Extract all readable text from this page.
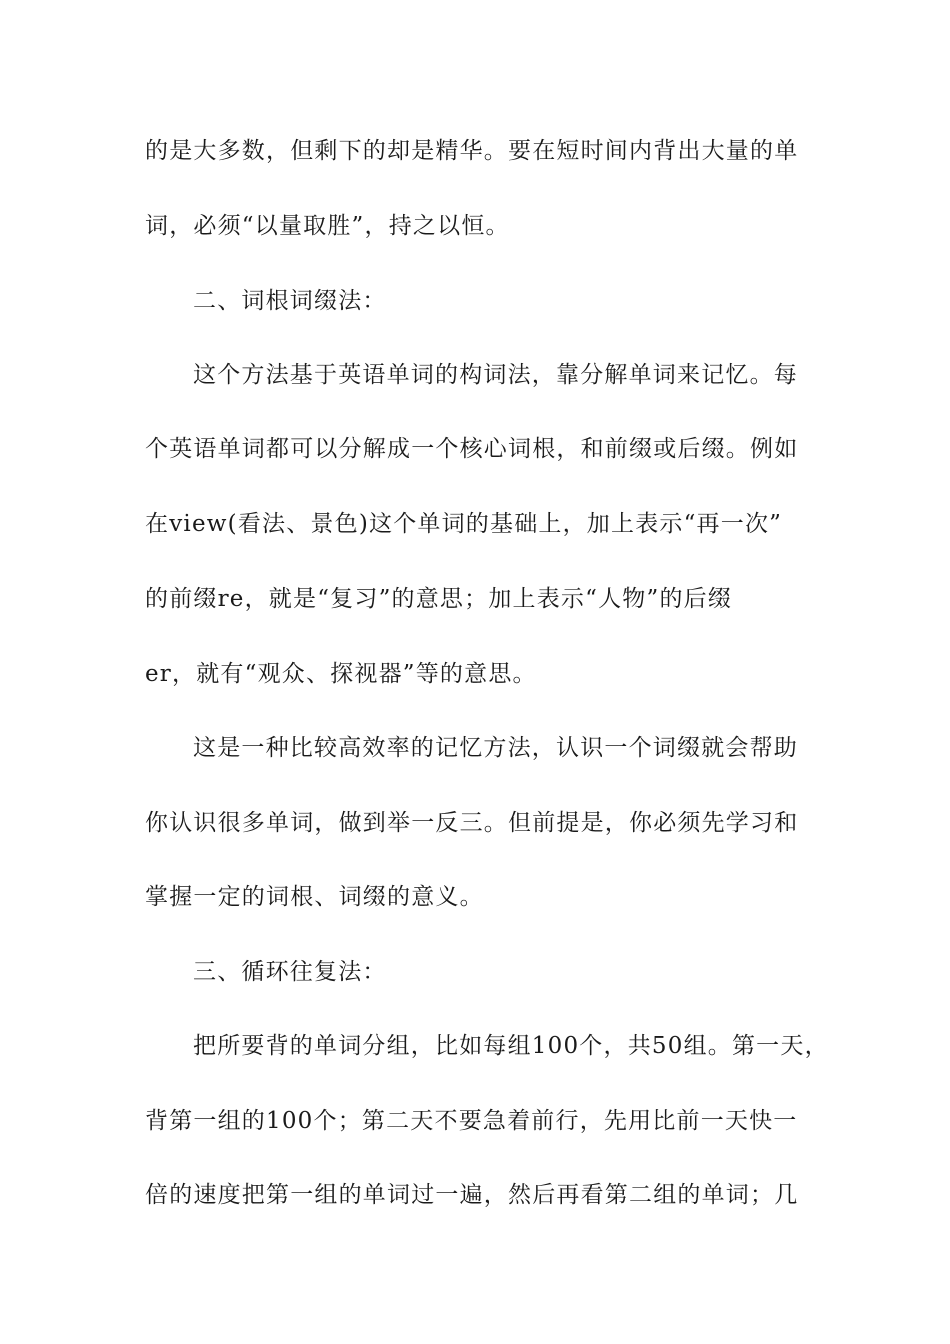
的是大多数，但剩下的却是精华。要在短时间内背出大量的单
词，必须“以量取胜”，持之以恒。
二、词根词缀法：
这个方法基于英语单词的构词法，靠分解单词来记忆。每
个英语单词都可以分解成一个核心词根，和前缀或后缀。例如
在view(看法、景色)这个单词的基础上，加上表示“再一次”
的前缀re，就是“复习”的意思；加上表示“人物”的后缀
er，就有“观众、探视器”等的意思。
这是一种比较高效率的记忆方法，认识一个词缀就会帮助
你认识很多单词，做到举一反三。但前提是，你必须先学习和
掌握一定的词根、词缀的意义。
三、循环往复法：
把所要背的单词分组，比如每组100个，共50组。第一天，
背第一组的100个；第二天不要急着前行，先用比前一天快一
倍的速度把第一组的单词过一遍，然后再看第二组的单词；几
